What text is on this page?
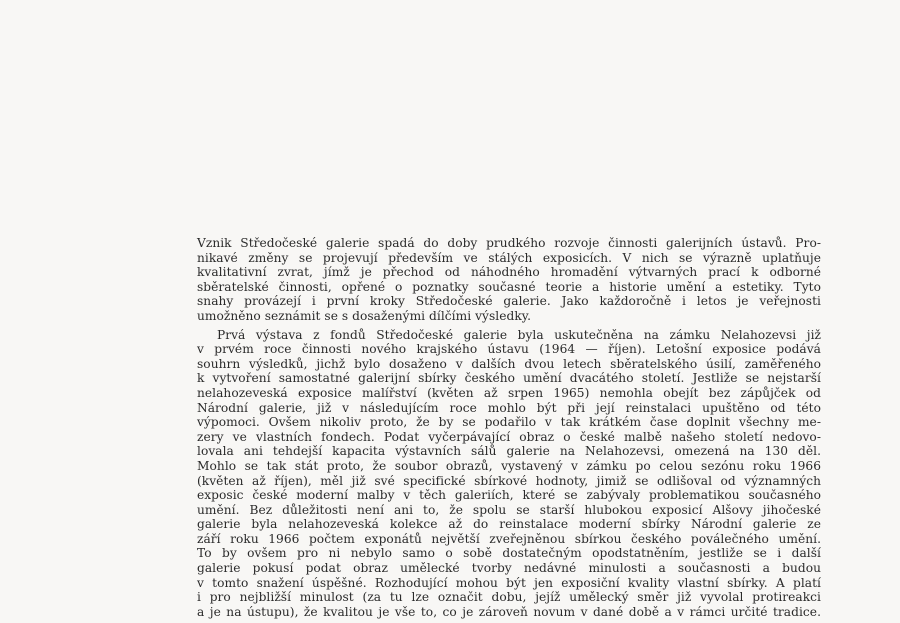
Vznik Středočeské galerie spadá do doby prudkého rozvoje činnosti galerijních ústavů. Pro-
nikavé změny se projevují především ve stálých exposicích. V nich se výrazně uplatňuje
kvalitativní zvrat, jímž je přechod od náhodného hromadění výtvarných prací k odborné
sběratelské činnosti, opřené o poznatky současné teorie a historie umění a estetiky. Tyto
snahy provázejí i první kroky Středočeské galerie. Jako každoročně i letos je veřejnosti
umožněno seznámit se s dosaženými dílčími výsledky.
Prvá výstava z fondů Středočeské galerie byla uskutečněna na zámku Nelahozevsi již
v prvém roce činnosti nového krajského ústavu (1964 — říjen). Letošní exposice podává
souhrn výsledků, jichž bylo dosaženo v dalších dvou letech sběratelského úsilí, zaměřeného
k vytvoření samostatné galerijní sbírky českého umění dvacátého století. Jestliže se nejstarší
nelahozeveská exposice malířství (květen až srpen 1965) nemohla obejít bez zápůjček od
Národní galerie, již v následujícím roce mohlo být při její reinstalaci upuštěno od této
výpomoci. Ovšem nikoliv proto, že by se podařilo v tak krátkém čase doplnit všechny me-
zery ve vlastních fondech. Podat vyčerpávající obraz o české malbě našeho století nedovo-
lovala ani tehdejší kapacita výstavních sálů galerie na Nelahozevsi, omezená na 130 děl.
Mohlo se tak stát proto, že soubor obrazů, vystavený v zámku po celou sezónu roku 1966
(květen až říjen), měl již své specifické sbírkové hodnoty, jimiž se odlišoval od významných
exposic české moderní malby v těch galeriích, které se zabývaly problematikou současného
umění. Bez důležitosti není ani to, že spolu se starší hlubokou exposicí Alšovy jihočeské
galerie byla nelahozeveská kolekce až do reinstalace moderní sbírky Národní galerie ze
září roku 1966 počtem exponátů největší zveřejněnou sbírkou českého poválečného umění.
To by ovšem pro ni nebylo samo o sobě dostatečným opodstatněním, jestliže se i další
galerie pokusí podat obraz umělecké tvorby nedávné minulosti a současnosti a budou
v tomto snažení úspěšné. Rozhodující mohou být jen exposiční kvality vlastní sbírky. A platí
i pro nejbližší minulost (za tu lze označit dobu, jejíž umělecký směr již vyvolal protireakci
a je na ústupu), že kvalitou je vše to, co je zároveň novum v dané době a v rámci určité tradice.
